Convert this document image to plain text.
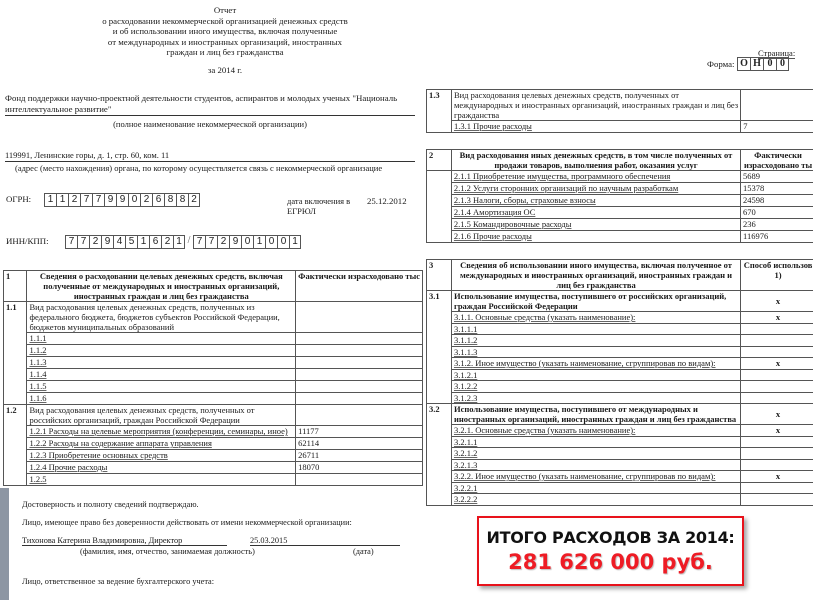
Отчет
о расходовании некоммерческой организацией денежных средств
и об использовании иного имущества, включая полученные
от международных и иностранных организаций, иностранных
граждан и лиц без гражданства
за 2014 г.
Фонд поддержки научно-проектной деятельности студентов, аспирантов и молодых ученых "Националь
интеллектуальное развитие"
(полное наименование некоммерческой организации)
119991, Ленинские горы, д. 1, стр. 60, ком. 11
(адрес (место нахождения) органа, по которому осуществляется связь с некоммерческой организацие
ОГРН:	1 1 2 7 7 9 9 0 2 6 8 8 2	дата включения в
ЕГРЮЛ
25.12.2012
ИНН/КПП:	7 7 2 9 4 5 1 6 2 1 / 7 7 2 9 0 1 0 0 1
Страница:
Форма: О Н 0 0
1	Сведения о расходовании целевых денежных средств, включая полученные от международных и иностранных организаций, иностранных граждан и лиц без гражданства	Фактически израсходовано тыс
1.1	Вид расходования целевых денежных средств, полученных из федерального бюджета, бюджетов субъектов Российской Федерации, бюджетов муниципальных образований	
	1.1.1	
	1.1.2	
	1.1.3	
	1.1.4	
	1.1.5	
	1.1.6	
1.2	Вид расходования целевых денежных средств, полученных от российских организаций, граждан Российской Федерации	
	1.2.1 Расходы на целевые мероприятия (конференции, семинары, иное)	11177
	1.2.2 Расходы на содержание аппарата управления	62114
	1.2.3 Приобретение основных средств	26711
	1.2.4 Прочие расходы	18070
	1.2.5	
1.3	Вид расходования целевых денежных средств, полученных от международных и иностранных организаций, иностранных граждан и лиц без гражданства	
	1.3.1 Прочие расходы	7
2	Вид расходования иных денежных средств, в том числе полученных от продажи товаров, выполнения работ, оказания услуг	Фактически израсходовано ты
	2.1.1 Приобретение имущества, программного обеспечения	5689
	2.1.2 Услуги сторонних организаций по научным разработкам	15378
	2.1.3 Налоги, сборы, страховые взносы	24598
	2.1.4 Амортизация ОС	670
	2.1.5 Командировочные расходы	236
	2.1.6 Прочие расходы	116976
3	Сведения об использовании иного имущества, включая полученное от международных и иностранных организаций, иностранных граждан и лиц без гражданства	Способ использов 1)
3.1	Использование имущества, поступившего от российских организаций, граждан Российской Федерации	x
	3.1.1. Основные средства (указать наименование):	x
	3.1.1.1	
	3.1.1.2	
	3.1.1.3	
	3.1.2. Иное имущество (указать наименование, сгруппировав по видам):	x
	3.1.2.1	
	3.1.2.2	
	3.1.2.3	
3.2	Использование имущества, поступившего от международных и иностранных организаций, иностранных граждан и лиц без гражданства	x
	3.2.1. Основные средства (указать наименование):	x
	3.2.1.1	
	3.2.1.2	
	3.2.1.3	
	3.2.2. Иное имущество (указать наименование, сгруппировав по видам):	x
	3.2.2.1	
	3.2.2.2	
Достоверность и полноту сведений подтверждаю.
Лицо, имеющее право без доверенности действовать от имени некоммерческой организации:
Тихонова Катерина Владимировна, Директор	25.03.2015
(фамилия, имя, отчество, занимаемая должность)	(дата)
Лицо, ответственное за ведение бухгалтерского учета:
ИТОГО РАСХОДОВ ЗА 2014:
281 626 000 руб.
